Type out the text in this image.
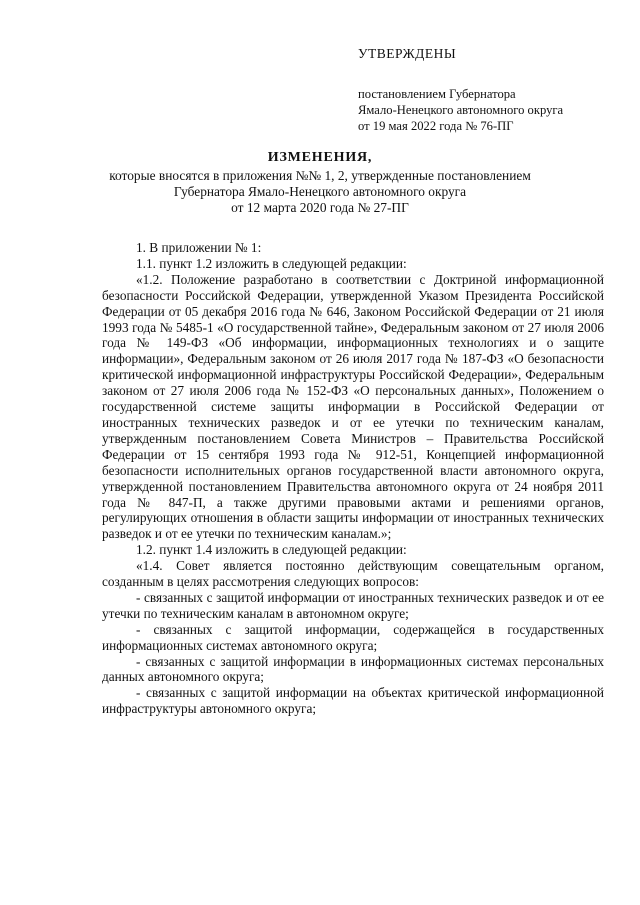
УТВЕРЖДЕНЫ
постановлением Губернатора
Ямало-Ненецкого автономного округа
от 19 мая 2022 года № 76-ПГ
ИЗМЕНЕНИЯ,
которые вносятся в приложения №№ 1, 2, утвержденные постановлением
Губернатора Ямало-Ненецкого автономного округа
от 12 марта 2020 года № 27-ПГ

1. В приложении № 1:

1.1. пункт 1.2 изложить в следующей редакции:

«1.2. Положение разработано в соответствии с Доктриной информационной безопасности Российской Федерации, утвержденной Указом Президента Российской Федерации от 05 декабря 2016 года № 646, Законом Российской Федерации от 21 июля 1993 года № 5485-1 «О государственной тайне», Федеральным законом от 27 июля 2006 года № 149-ФЗ «Об информации, информационных технологиях и о защите информации», Федеральным законом от 26 июля 2017 года № 187-ФЗ «О безопасности критической информационной инфраструктуры Российской Федерации», Федеральным законом от 27 июля 2006 года № 152-ФЗ «О персональных данных», Положением о государственной системе защиты информации в Российской Федерации от иностранных технических разведок и от ее утечки по техническим каналам, утвержденным постановлением Совета Министров – Правительства Российской Федерации от 15 сентября 1993 года № 912-51, Концепцией информационной безопасности исполнительных органов государственной власти автономного округа, утвержденной постановлением Правительства автономного округа от 24 ноября 2011 года № 847-П, а также другими правовыми актами и решениями органов, регулирующих отношения в области защиты информации от иностранных технических разведок и от ее утечки по техническим каналам.»;

1.2. пункт 1.4 изложить в следующей редакции:

«1.4. Совет является постоянно действующим совещательным органом, созданным в целях рассмотрения следующих вопросов:

- связанных с защитой информации от иностранных технических разведок и от ее утечки по техническим каналам в автономном округе;

- связанных с защитой информации, содержащейся в государственных информационных системах автономного округа;

- связанных с защитой информации в информационных системах персональных данных автономного округа;

- связанных с защитой информации на объектах критической информационной инфраструктуры автономного округа;
